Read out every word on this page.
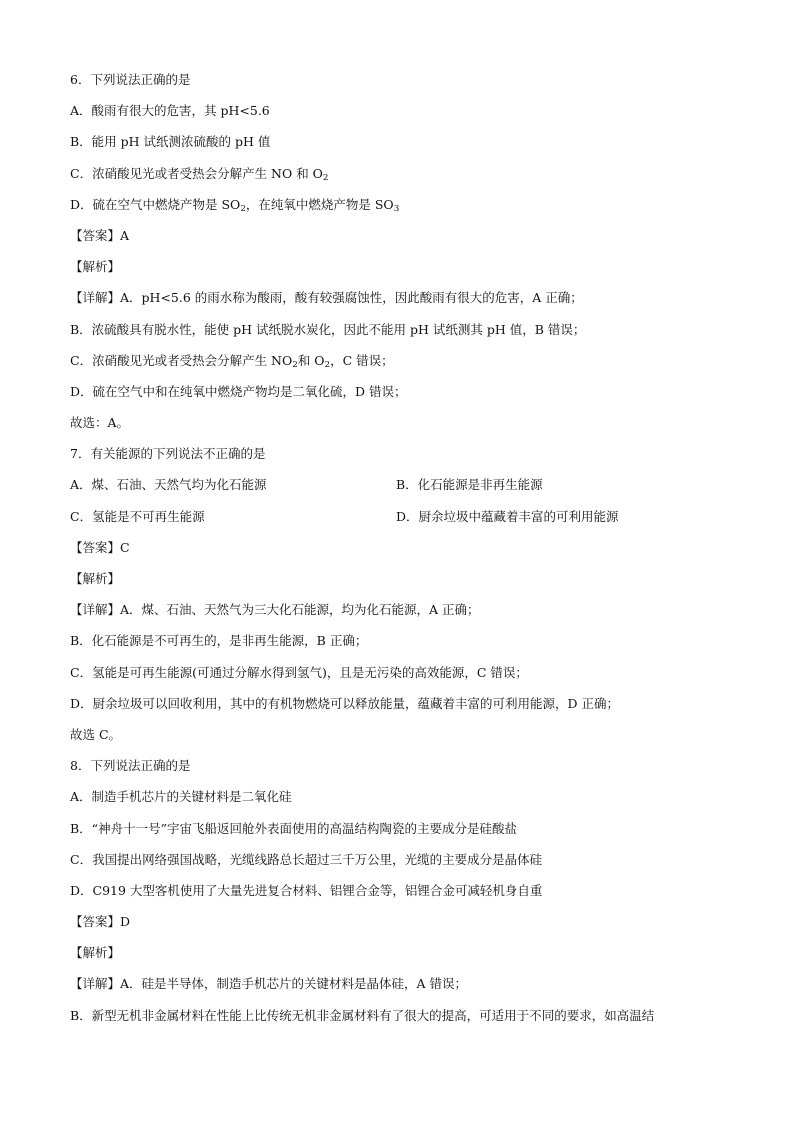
6．下列说法正确的是
A．酸雨有很大的危害，其 pH<5.6
B．能用 pH 试纸测浓硫酸的 pH 值
C．浓硝酸见光或者受热会分解产生 NO 和 $O_2$
D．硫在空气中燃烧产物是 $SO_2$，在纯氧中燃烧产物是 $SO_3$
【答案】A
【解析】
【详解】A．pH<5.6 的雨水称为酸雨，酸有较强腐蚀性，因此酸雨有很大的危害，A 正确；
B．浓硫酸具有脱水性，能使 pH 试纸脱水炭化，因此不能用 pH 试纸测其 pH 值，B 错误；
C．浓硝酸见光或者受热会分解产生 $NO_2$和 $O_2$，C 错误；
D．硫在空气中和在纯氧中燃烧产物均是二氧化硫，D 错误；
故选：A。
7．有关能源的下列说法不正确的是
A．煤、石油、天然气均为化石能源	B．化石能源是非再生能源
C．氢能是不可再生能源	D．厨余垃圾中蕴藏着丰富的可利用能源
【答案】C
【解析】
【详解】A．煤、石油、天然气为三大化石能源，均为化石能源，A 正确；
B．化石能源是不可再生的，是非再生能源，B 正确；
C．氢能是可再生能源(可通过分解水得到氢气)，且是无污染的高效能源，C 错误；
D．厨余垃圾可以回收利用，其中的有机物燃烧可以释放能量，蕴藏着丰富的可利用能源，D 正确；
故选 C。
8．下列说法正确的是
A．制造手机芯片的关键材料是二氧化硅
B．“神舟十一号”宇宙飞船返回舱外表面使用的高温结构陶瓷的主要成分是硅酸盐
C．我国提出网络强国战略，光缆线路总长超过三千万公里，光缆的主要成分是晶体硅
D．C919 大型客机使用了大量先进复合材料、铝锂合金等，铝锂合金可减轻机身自重
【答案】D
【解析】
【详解】A．硅是半导体，制造手机芯片的关键材料是晶体硅，A 错误；
B．新型无机非金属材料在性能上比传统无机非金属材料有了很大的提高，可适用于不同的要求，如高温结
